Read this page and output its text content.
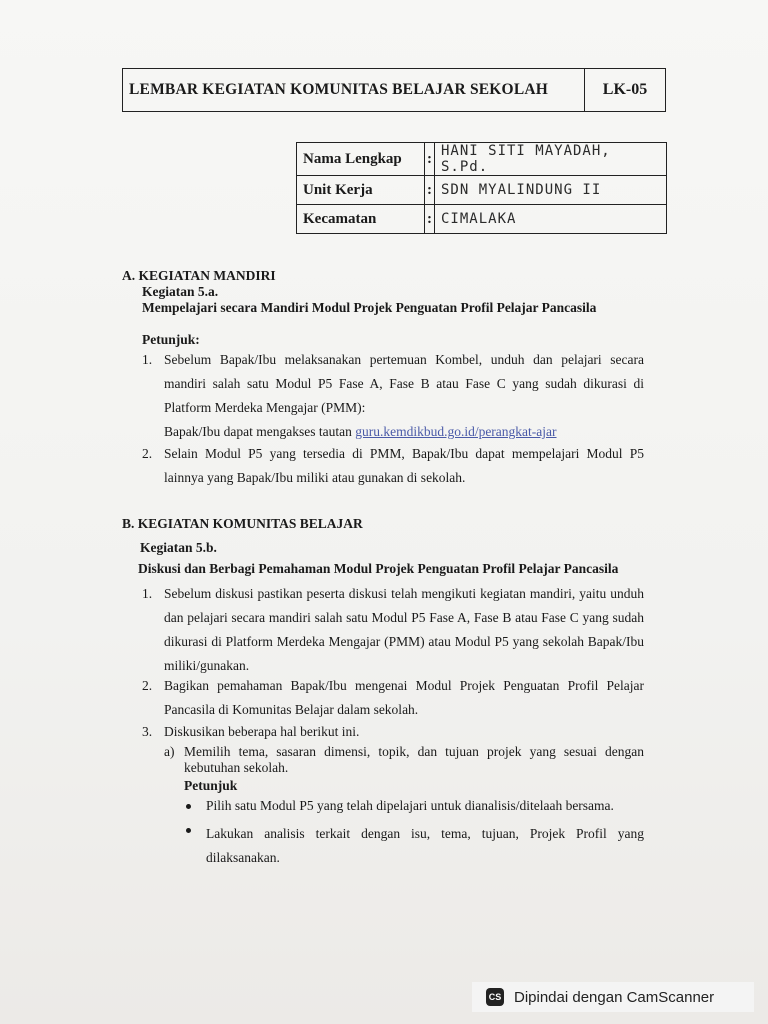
LEMBAR KEGIATAN KOMUNITAS BELAJAR SEKOLAH	LK-05
Nama Lengkap	:	HANI SITI MAYADAH, S.Pd.
Unit Kerja	:	SDN MYALINDUNG II
Kecamatan	:	CIMALAKA
A. KEGIATAN MANDIRI
Kegiatan 5.a.
Mempelajari secara Mandiri Modul Projek Penguatan Profil Pelajar Pancasila
Petunjuk:
1. Sebelum Bapak/Ibu melaksanakan pertemuan Kombel, unduh dan pelajari secara mandiri salah satu Modul P5 Fase A, Fase B atau Fase C yang sudah dikurasi di Platform Merdeka Mengajar (PMM):
Bapak/Ibu dapat mengakses tautan guru.kemdikbud.go.id/perangkat-ajar
2. Selain Modul P5 yang tersedia di PMM, Bapak/Ibu dapat mempelajari Modul P5 lainnya yang Bapak/Ibu miliki atau gunakan di sekolah.
B. KEGIATAN KOMUNITAS BELAJAR
Kegiatan 5.b.
Diskusi dan Berbagi Pemahaman Modul Projek Penguatan Profil Pelajar Pancasila
1. Sebelum diskusi pastikan peserta diskusi telah mengikuti kegiatan mandiri, yaitu unduh dan pelajari secara mandiri salah satu Modul P5 Fase A, Fase B atau Fase C yang sudah dikurasi di Platform Merdeka Mengajar (PMM) atau Modul P5 yang sekolah Bapak/Ibu miliki/gunakan.
2. Bagikan pemahaman Bapak/Ibu mengenai Modul Projek Penguatan Profil Pelajar Pancasila di Komunitas Belajar dalam sekolah.
3. Diskusikan beberapa hal berikut ini.
a) Memilih tema, sasaran dimensi, topik, dan tujuan projek yang sesuai dengan kebutuhan sekolah.
Petunjuk
Pilih satu Modul P5 yang telah dipelajari untuk dianalisis/ditelaah bersama.
Lakukan analisis terkait dengan isu, tema, tujuan, Projek Profil yang dilaksanakan.
CS Dipindai dengan CamScanner
